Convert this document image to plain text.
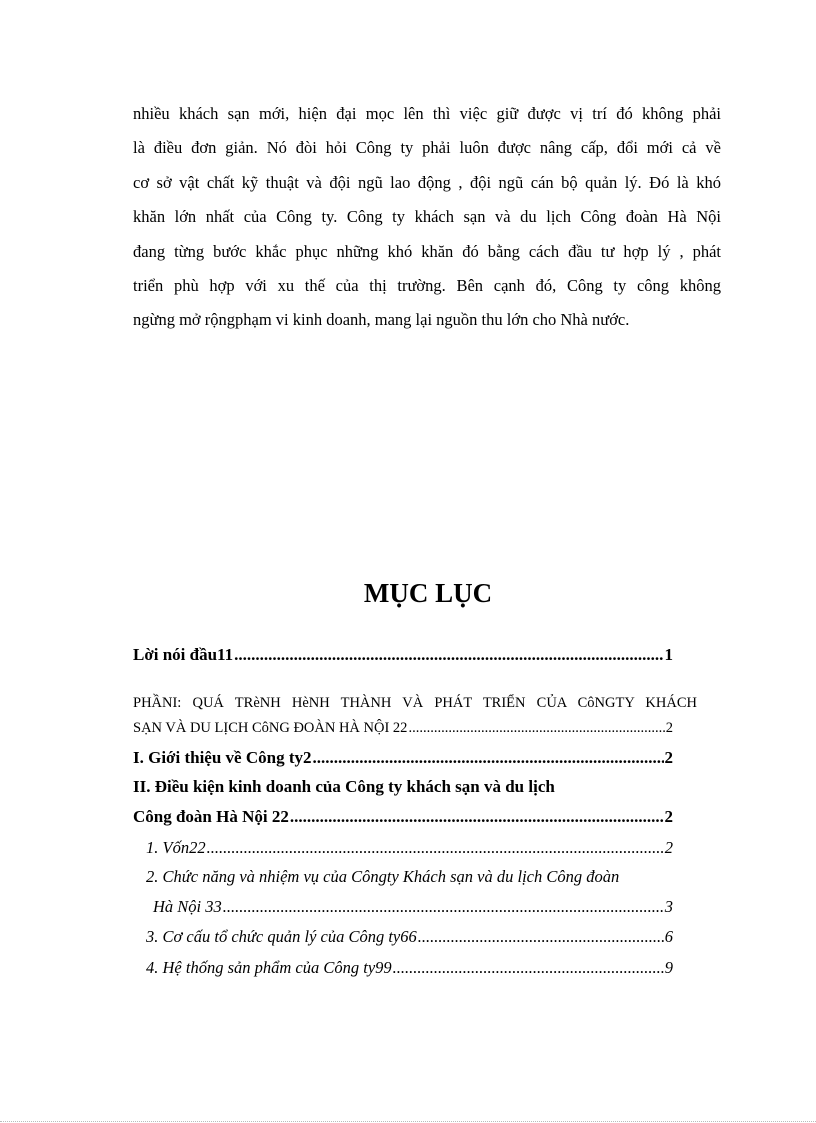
nhiều khách sạn mới, hiện đại mọc lên thì việc giữ được vị trí đó không phải
là điều đơn giản. Nó đòi hỏi Công ty phải luôn được nâng cấp, đổi mới cả về
cơ sở vật chất kỹ thuật và đội ngũ lao động , đội ngũ cán bộ quản lý. Đó là khó
khăn lớn nhất của Công ty. Công ty khách sạn và du lịch Công đoàn Hà Nội
đang từng bước khắc phục những khó khăn đó bằng cách đầu tư hợp lý , phát
triển phù hợp với xu thế của thị trường. Bên cạnh đó, Công ty công không
ngừng mở rộngphạm vi kinh doanh, mang lại nguồn thu lớn cho Nhà nước.
MỤC LỤC
Lời nói đầu11 .....	1
PHẦNI: QUÁ TRèNH HèNH THÀNH VÀ PHÁT TRIỂN CỦA CôNGTY KHÁCH
SẠN VÀ DU LỊCH CôNG ĐOÀN HÀ NỘI 22 .....	2
I. Giới thiệu về Công ty2 .....	2
II. Điều kiện kinh doanh của Công ty khách sạn và du lịch
Công đoàn Hà Nội 22 .....	2
1. Vốn22 .....	2
2. Chức năng và nhiệm vụ của Côngty Khách sạn và du lịch Công đoàn
Hà Nội 33 .....	3
3. Cơ cấu tổ chức quản lý của Công ty66 .....	6
4. Hệ thống sản phẩm của Công ty99 .....	9
